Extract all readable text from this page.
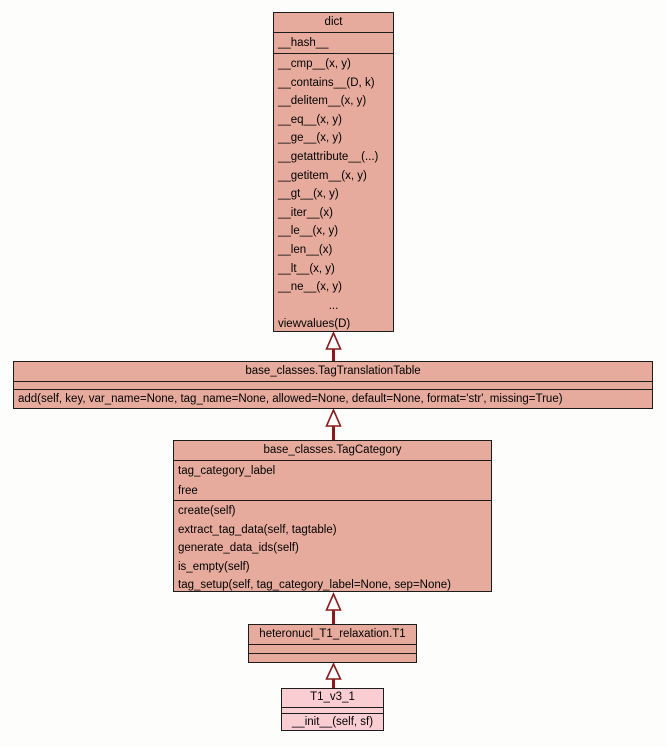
dict
__hash__
__cmp__(x, y)
__contains__(D, k)
__delitem__(x, y)
__eq__(x, y)
__ge__(x, y)
__getattribute__(...)
__getitem__(x, y)
__gt__(x, y)
__iter__(x)
__le__(x, y)
__len__(x)
__lt__(x, y)
__ne__(x, y)
...
viewvalues(D)
base_classes.TagTranslationTable
add(self, key, var_name=None, tag_name=None, allowed=None, default=None, format='str', missing=True)
base_classes.TagCategory
tag_category_label
free
create(self)
extract_tag_data(self, tagtable)
generate_data_ids(self)
is_empty(self)
tag_setup(self, tag_category_label=None, sep=None)
heteronucl_T1_relaxation.T1
T1_v3_1
__init__(self, sf)
